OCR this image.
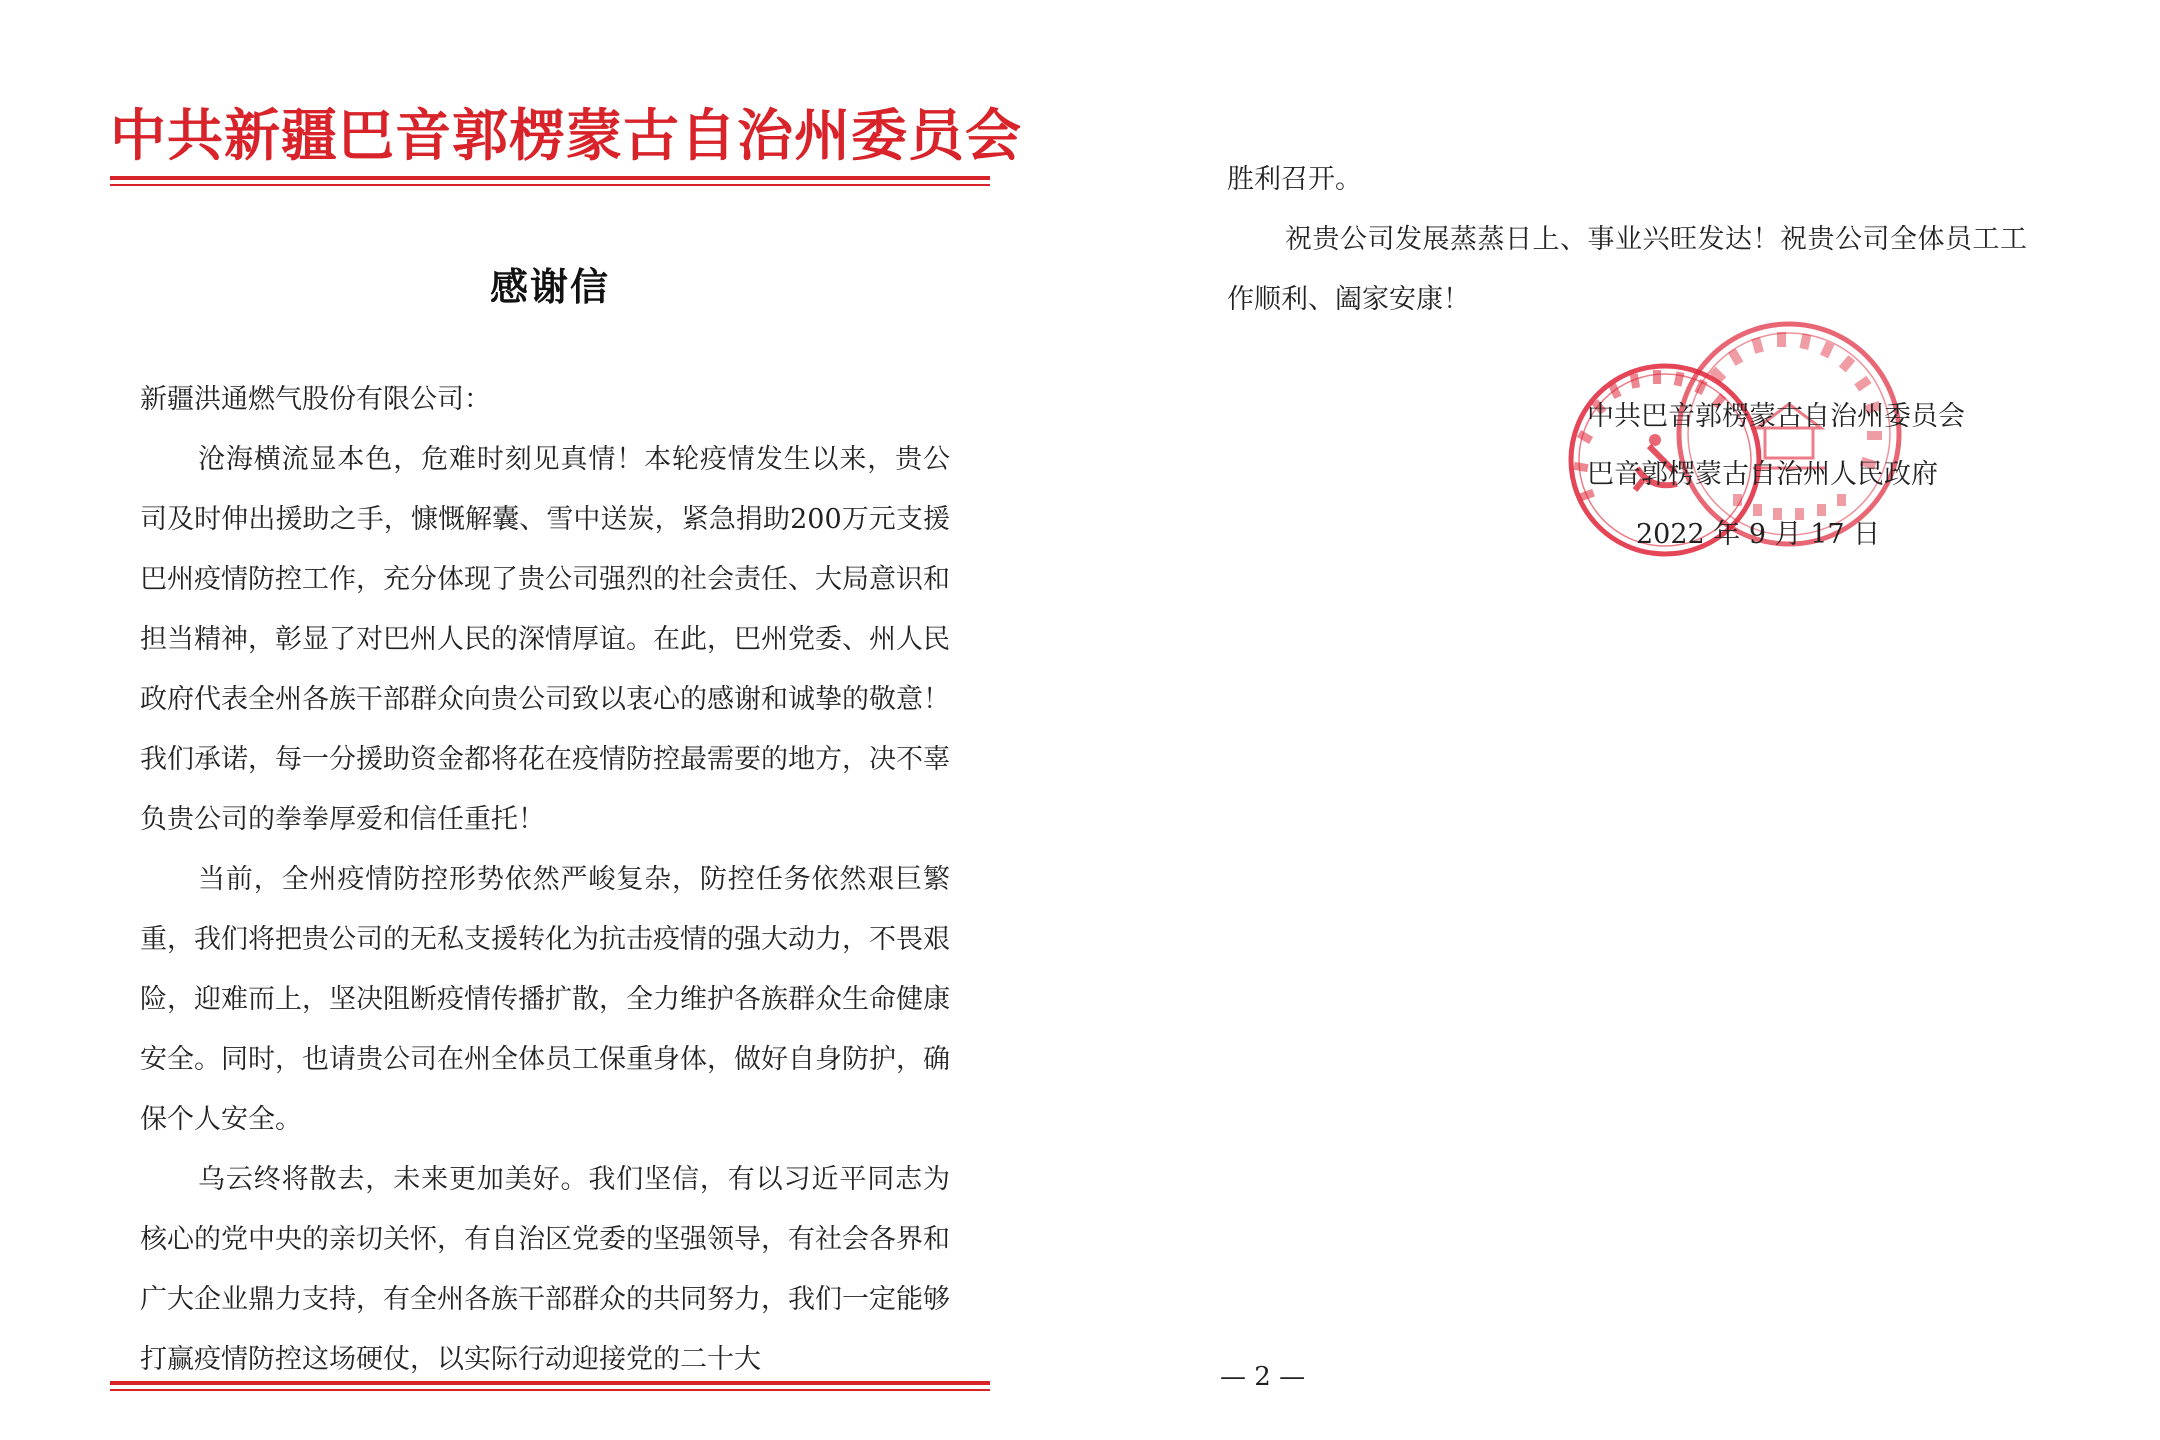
中共新疆巴音郭楞蒙古自治州委员会
感谢信
新疆洪通燃气股份有限公司：
沧海横流显本色，危难时刻见真情！本轮疫情发生以来，贵公司及时伸出援助之手，慷慨解囊、雪中送炭，紧急捐助200万元支援巴州疫情防控工作，充分体现了贵公司强烈的社会责任、大局意识和担当精神，彰显了对巴州人民的深情厚谊。在此，巴州党委、州人民政府代表全州各族干部群众向贵公司致以衷心的感谢和诚挚的敬意！我们承诺，每一分援助资金都将花在疫情防控最需要的地方，决不辜负贵公司的拳拳厚爱和信任重托！
当前，全州疫情防控形势依然严峻复杂，防控任务依然艰巨繁重，我们将把贵公司的无私支援转化为抗击疫情的强大动力，不畏艰险，迎难而上，坚决阻断疫情传播扩散，全力维护各族群众生命健康安全。同时，也请贵公司在州全体员工保重身体，做好自身防护，确保个人安全。
乌云终将散去，未来更加美好。我们坚信，有以习近平同志为核心的党中央的亲切关怀，有自治区党委的坚强领导，有社会各界和广大企业鼎力支持，有全州各族干部群众的共同努力，我们一定能够打赢疫情防控这场硬仗，以实际行动迎接党的二十大
胜利召开。
祝贵公司发展蒸蒸日上、事业兴旺发达！祝贵公司全体员工工作顺利、阖家安康！
中共巴音郭楞蒙古自治州委员会
巴音郭楞蒙古自治州人民政府
2022 年 9 月 17 日
— 2 —
